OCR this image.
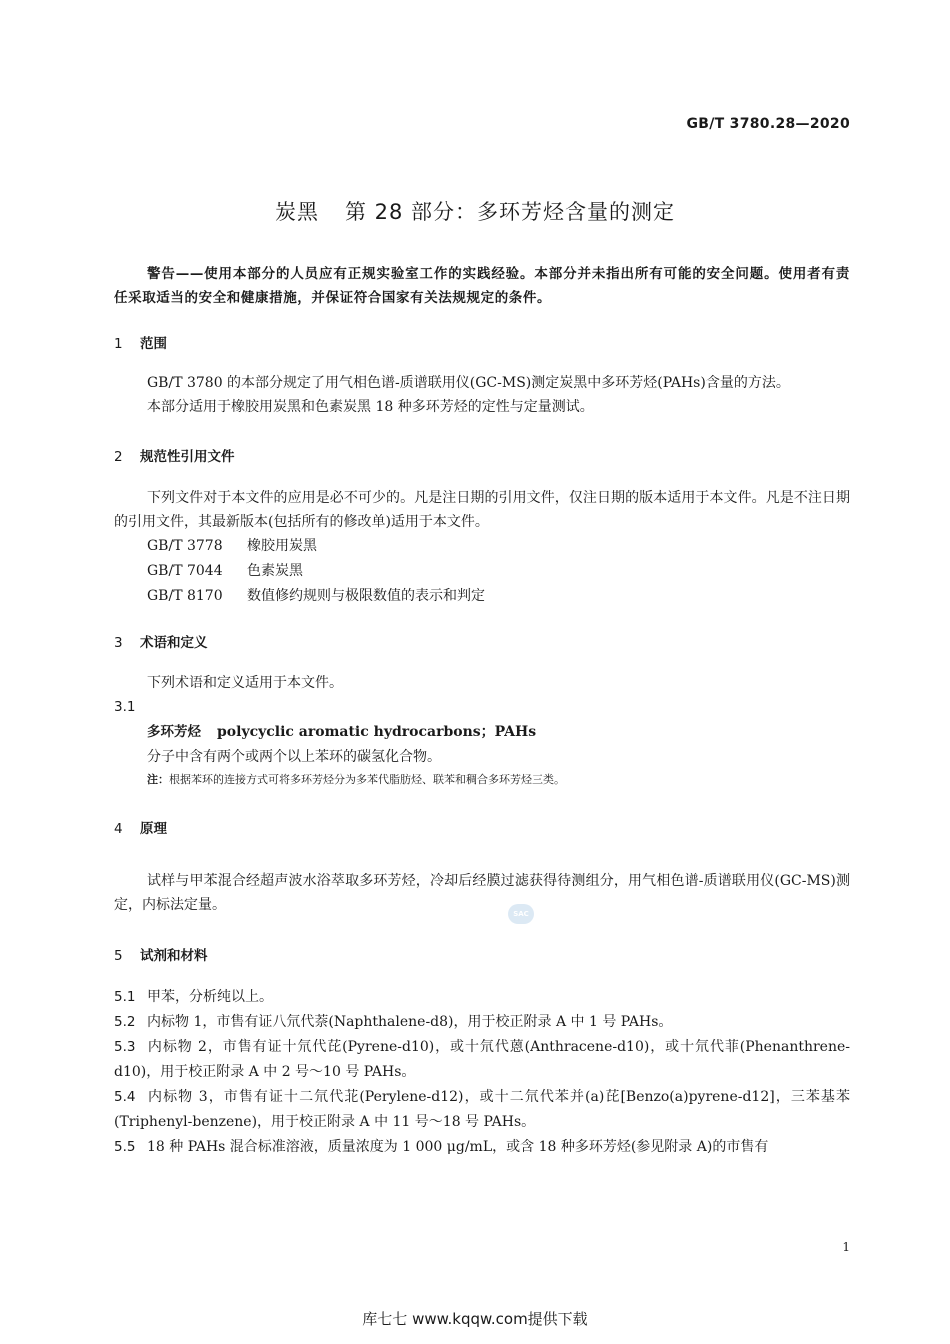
GB/T 3780.28—2020
炭黑 第 28 部分：多环芳烃含量的测定

警告——使用本部分的人员应有正规实验室工作的实践经验。本部分并未指出所有可能的安全问题。使用者有责任采取适当的安全和健康措施，并保证符合国家有关法规规定的条件。

1 范围

GB/T 3780 的本部分规定了用气相色谱-质谱联用仪(GC-MS)测定炭黑中多环芳烃(PAHs)含量的方法。

本部分适用于橡胶用炭黑和色素炭黑 18 种多环芳烃的定性与定量测试。

2 规范性引用文件

下列文件对于本文件的应用是必不可少的。凡是注日期的引用文件，仅注日期的版本适用于本文件。凡是不注日期的引用文件，其最新版本(包括所有的修改单)适用于本文件。

GB/T 3778 橡胶用炭黑

GB/T 7044 色素炭黑

GB/T 8170 数值修约规则与极限数值的表示和判定

3 术语和定义

下列术语和定义适用于本文件。

3.1

多环芳烃 polycyclic aromatic hydrocarbons；PAHs

分子中含有两个或两个以上苯环的碳氢化合物。

注：根据苯环的连接方式可将多环芳烃分为多苯代脂肪烃、联苯和稠合多环芳烃三类。

4 原理

试样与甲苯混合经超声波水浴萃取多环芳烃，冷却后经膜过滤获得待测组分，用气相色谱-质谱联用仪(GC-MS)测定，内标法定量。

5 试剂和材料

5.1 甲苯，分析纯以上。

5.2 内标物 1，市售有证八氘代萘(Naphthalene-d8)，用于校正附录 A 中 1 号 PAHs。

5.3 内标物 2，市售有证十氘代芘(Pyrene-d10)，或十氘代蒽(Anthracene-d10)，或十氘代菲(Phenanthrene-d10)，用于校正附录 A 中 2 号～10 号 PAHs。

5.4 内标物 3，市售有证十二氘代苝(Perylene-d12)，或十二氘代苯并(a)芘[Benzo(a)pyrene-d12]，三苯基苯(Triphenyl-benzene)，用于校正附录 A 中 11 号～18 号 PAHs。

5.5 18 种 PAHs 混合标准溶液，质量浓度为 1 000 μg/mL，或含 18 种多环芳烃(参见附录 A)的市售有

SAC
1
库七七 www.kqqw.com提供下载
